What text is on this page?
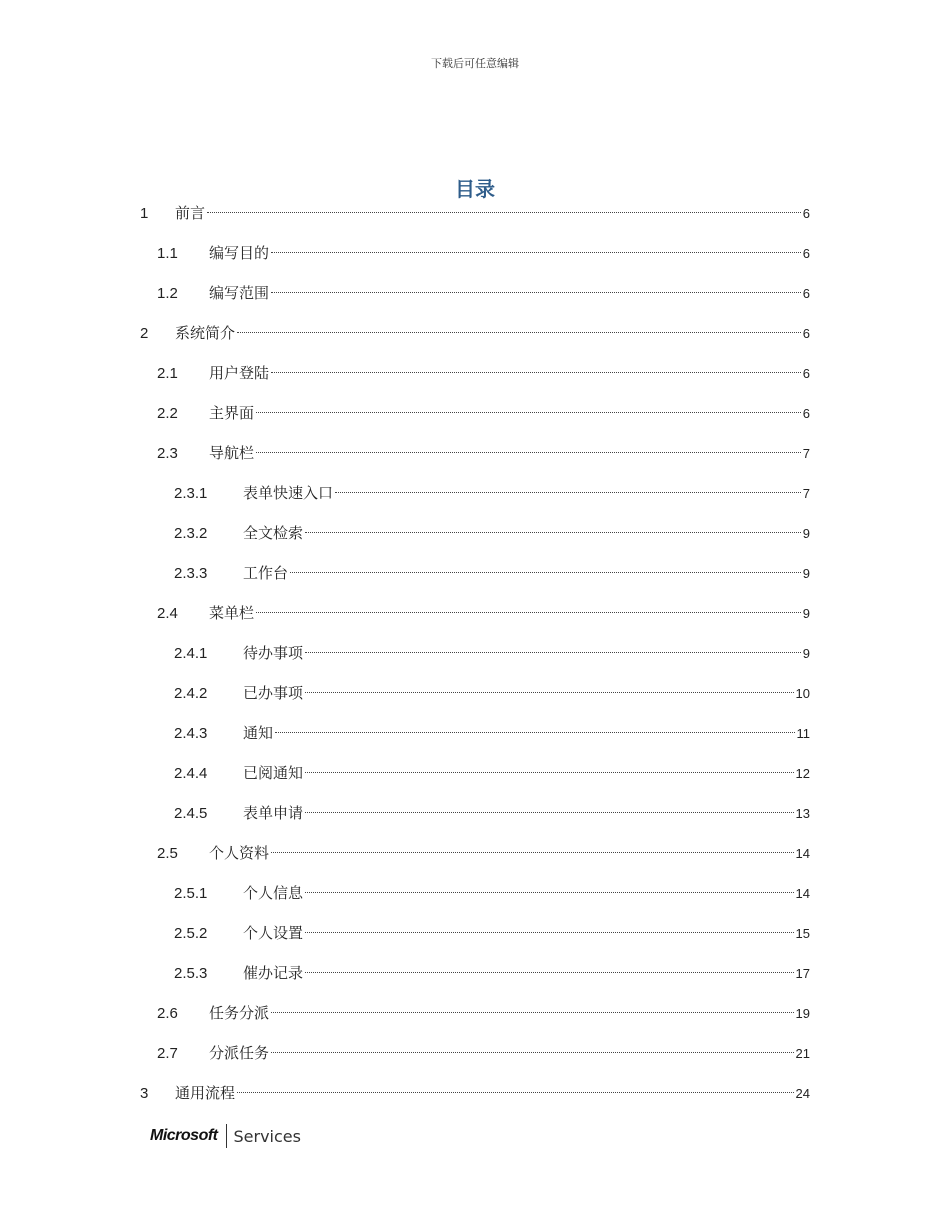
下载后可任意编辑
目录
1	前言	6
1.1	编写目的	6
1.2	编写范围	6
2	系统简介	6
2.1	用户登陆	6
2.2	主界面	6
2.3	导航栏	7
2.3.1	表单快速入口	7
2.3.2	全文检索	9
2.3.3	工作台	9
2.4	菜单栏	9
2.4.1	待办事项	9
2.4.2	已办事项	10
2.4.3	通知	11
2.4.4	已阅通知	12
2.4.5	表单申请	13
2.5	个人资料	14
2.5.1	个人信息	14
2.5.2	个人设置	15
2.5.3	催办记录	17
2.6	任务分派	19
2.7	分派任务	21
3	通用流程	24
Microsoft Services
